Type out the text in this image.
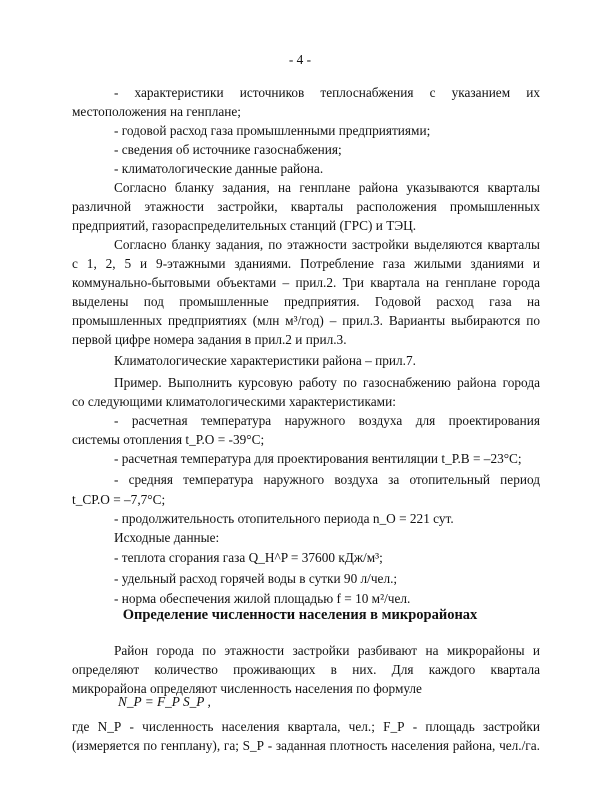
- 4 -
- характеристики источников теплоснабжения с указанием их
местоположения на генплане;
- годовой расход газа промышленными предприятиями;
- сведения об источнике газоснабжения;
- климатологические данные района.
Согласно бланку задания, на генплане района указываются кварталы
различной этажности застройки, кварталы расположения промышленных
предприятий, газораспределительных станций (ГРС) и ТЭЦ.
Согласно бланку задания, по этажности застройки выделяются кварталы
с 1, 2, 5 и 9-этажными зданиями. Потребление газа жилыми зданиями и
коммунально-бытовыми объектами – прил.2. Три квартала на генплане города
выделены под промышленные предприятия. Годовой расход газа на
промышленных предприятиях (млн м³/год) – прил.3. Варианты выбираются по
первой цифре номера задания в прил.2 и прил.3.
Климатологические характеристики района – прил.7.
Пример. Выполнить курсовую работу по газоснабжению района города
со следующими климатологическими характеристиками:
- расчетная температура наружного воздуха для проектирования
системы отопления t_Р.О = -39°С;
- расчетная температура для проектирования вентиляции t_Р.В = –23°С;
- средняя температура наружного воздуха за отопительный период
t_СР.О = –7,7°С;
- продолжительность отопительного периода n_О = 221 сут.
Исходные данные:
- теплота сгорания газа Q_H^P = 37600 кДж/м³;
- удельный расход горячей воды в сутки 90 л/чел.;
- норма обеспечения жилой площадью f = 10 м²/чел.
Район города по этажности застройки разбивают на микрорайоны и
определяют количество проживающих в них. Для каждого квартала
микрорайона определяют численность населения по формуле
где N_Р - численность населения квартала, чел.; F_Р - площадь застройки
(измеряется по генплану), га; S_Р - заданная плотность населения района, чел./га.
Определение численности населения в микрорайонах
N_P = F_P S_P ,
